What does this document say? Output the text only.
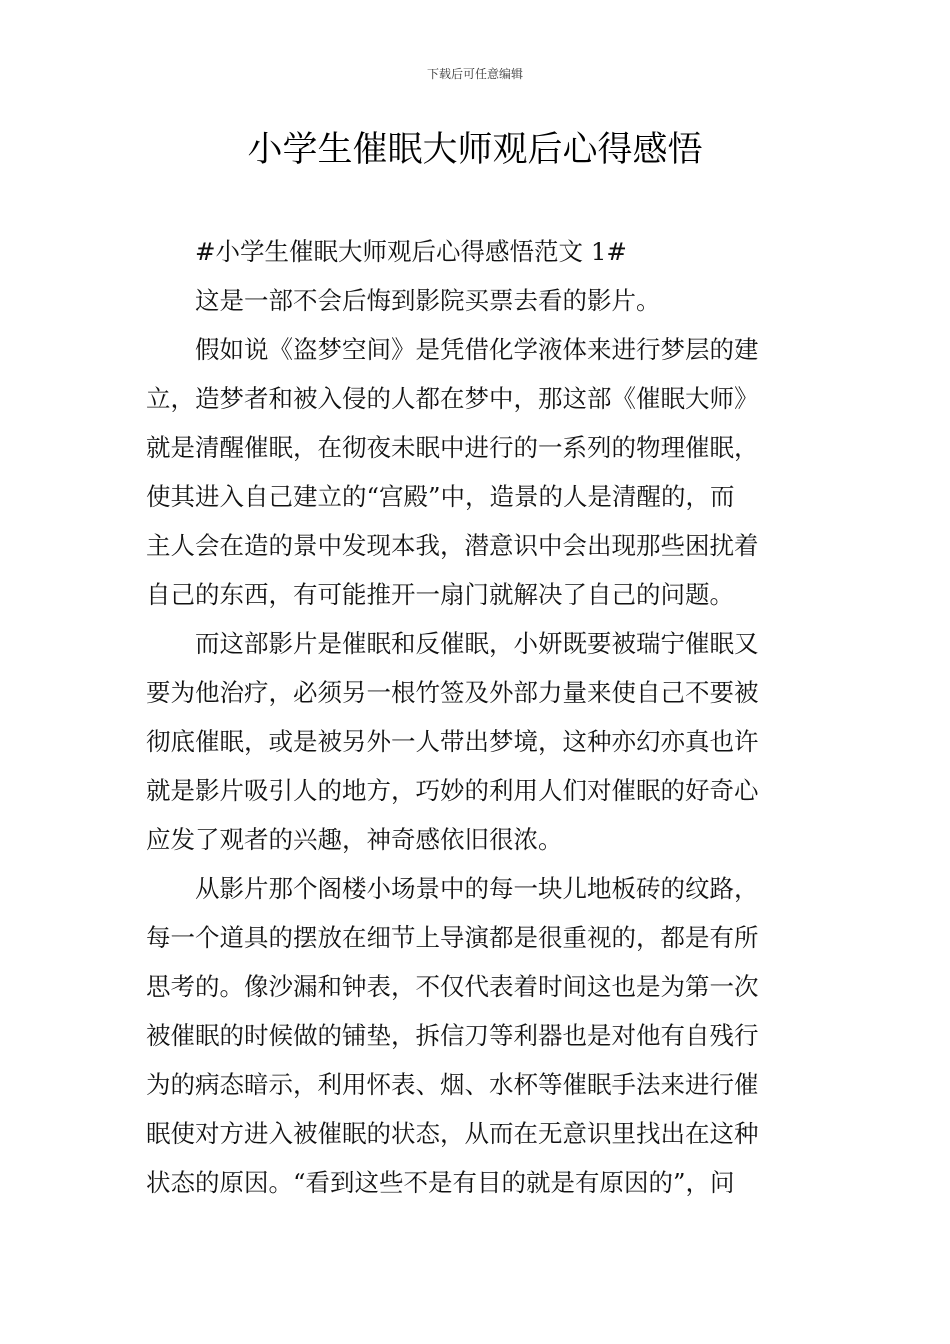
下载后可任意编辑
小学生催眠大师观后心得感悟

#小学生催眠大师观后心得感悟范文 1#

这是一部不会后悔到影院买票去看的影片。

假如说《盗梦空间》是凭借化学液体来进行梦层的建
立，造梦者和被入侵的人都在梦中，那这部《催眠大师》
就是清醒催眠，在彻夜未眠中进行的一系列的物理催眠，
使其进入自己建立的“宫殿”中，造景的人是清醒的，而
主人会在造的景中发现本我，潜意识中会出现那些困扰着
自己的东西，有可能推开一扇门就解决了自己的问题。

而这部影片是催眠和反催眠，小妍既要被瑞宁催眠又
要为他治疗，必须另一根竹签及外部力量来使自己不要被
彻底催眠，或是被另外一人带出梦境，这种亦幻亦真也许
就是影片吸引人的地方，巧妙的利用人们对催眠的好奇心
应发了观者的兴趣，神奇感依旧很浓。

从影片那个阁楼小场景中的每一块儿地板砖的纹路，
每一个道具的摆放在细节上导演都是很重视的，都是有所
思考的。像沙漏和钟表，不仅代表着时间这也是为第一次
被催眠的时候做的铺垫，拆信刀等利器也是对他有自残行
为的病态暗示，利用怀表、烟、水杯等催眠手法来进行催
眠使对方进入被催眠的状态，从而在无意识里找出在这种
状态的原因。“看到这些不是有目的就是有原因的”，问
